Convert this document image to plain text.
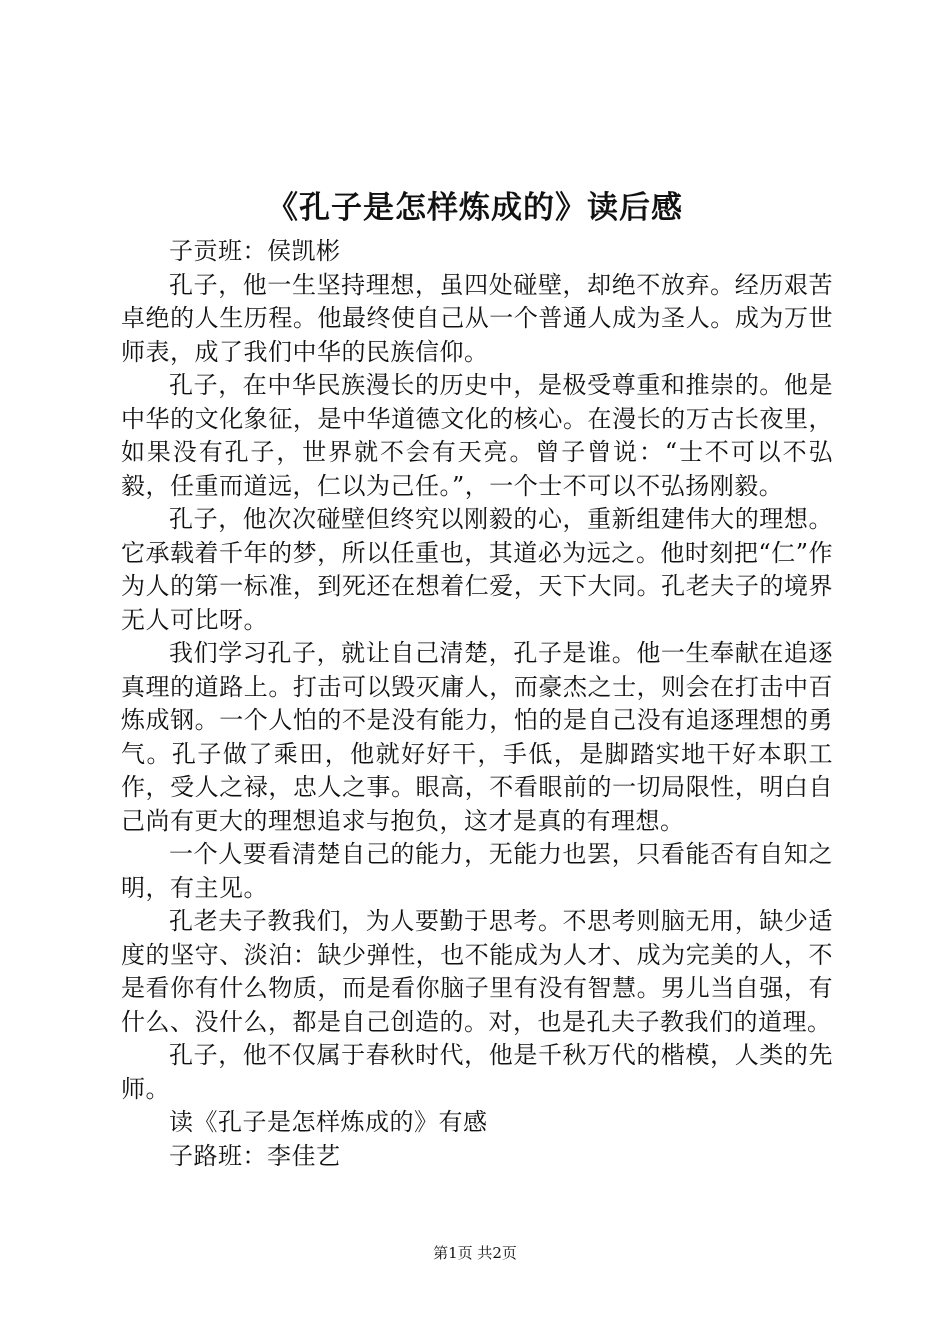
《孔子是怎样炼成的》读后感

子贡班：侯凯彬

孔子，他一生坚持理想，虽四处碰壁，却绝不放弃。经历艰苦卓绝的人生历程。他最终使自己从一个普通人成为圣人。成为万世师表，成了我们中华的民族信仰。

孔子，在中华民族漫长的历史中，是极受尊重和推崇的。他是中华的文化象征，是中华道德文化的核心。在漫长的万古长夜里，如果没有孔子，世界就不会有天亮。曾子曾说：“士不可以不弘毅，任重而道远，仁以为己任。”，一个士不可以不弘扬刚毅。

孔子，他次次碰壁但终究以刚毅的心，重新组建伟大的理想。它承载着千年的梦，所以任重也，其道必为远之。他时刻把“仁”作为人的第一标准，到死还在想着仁爱，天下大同。孔老夫子的境界无人可比呀。

我们学习孔子，就让自己清楚，孔子是谁。他一生奉献在追逐真理的道路上。打击可以毁灭庸人，而豪杰之士，则会在打击中百炼成钢。一个人怕的不是没有能力，怕的是自己没有追逐理想的勇气。孔子做了乘田，他就好好干，手低，是脚踏实地干好本职工作，受人之禄，忠人之事。眼高，不看眼前的一切局限性，明白自己尚有更大的理想追求与抱负，这才是真的有理想。

一个人要看清楚自己的能力，无能力也罢，只看能否有自知之明，有主见。

孔老夫子教我们，为人要勤于思考。不思考则脑无用，缺少适度的坚守、淡泊：缺少弹性，也不能成为人才、成为完美的人，不是看你有什么物质，而是看你脑子里有没有智慧。男儿当自强，有什么、没什么，都是自己创造的。对，也是孔夫子教我们的道理。

孔子，他不仅属于春秋时代，他是千秋万代的楷模，人类的先师。

读《孔子是怎样炼成的》有感

子路班：李佳艺

第1页 共2页
